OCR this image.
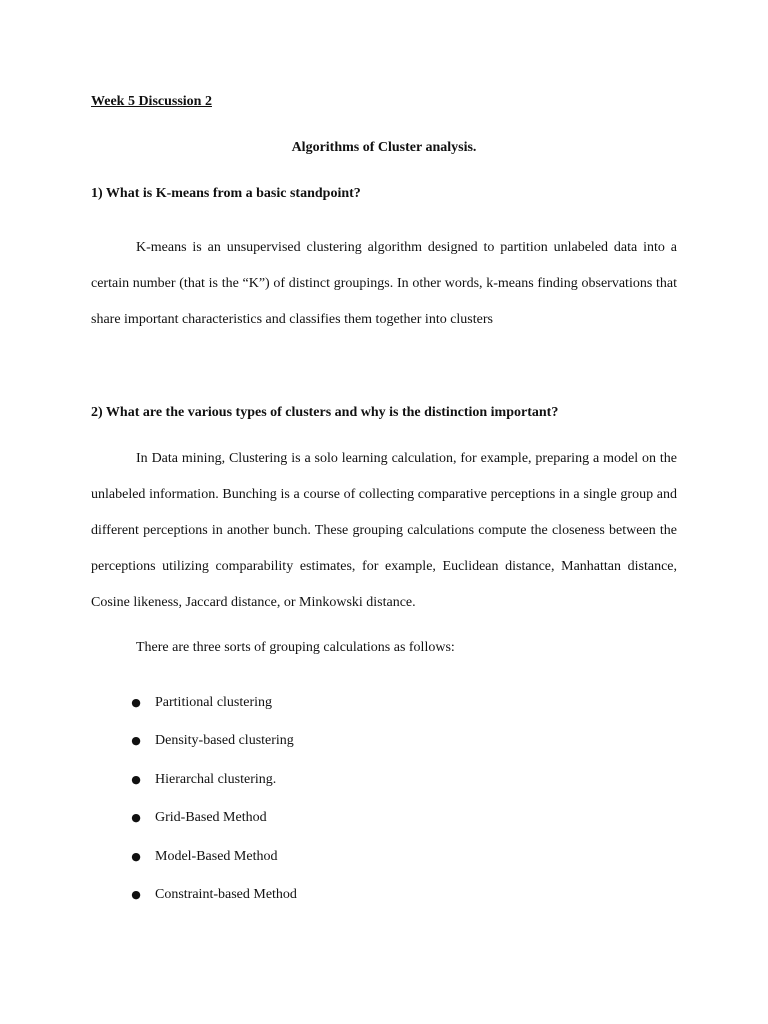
Week 5 Discussion 2
Algorithms of Cluster analysis.
1) What is K-means from a basic standpoint?

K-means is an unsupervised clustering algorithm designed to partition unlabeled data into a certain number (that is the “K”) of distinct groupings. In other words, k-means finding observations that share important characteristics and classifies them together into clusters

2) What are the various types of clusters and why is the distinction important?

In Data mining, Clustering is a solo learning calculation, for example, preparing a model on the unlabeled information. Bunching is a course of collecting comparative perceptions in a single group and different perceptions in another bunch. These grouping calculations compute the closeness between the perceptions utilizing comparability estimates, for example, Euclidean distance, Manhattan distance, Cosine likeness, Jaccard distance, or Minkowski distance.

There are three sorts of grouping calculations as follows:
● Partitional clustering
● Density-based clustering
● Hierarchal clustering.
● Grid-Based Method
● Model-Based Method
● Constraint-based Method
